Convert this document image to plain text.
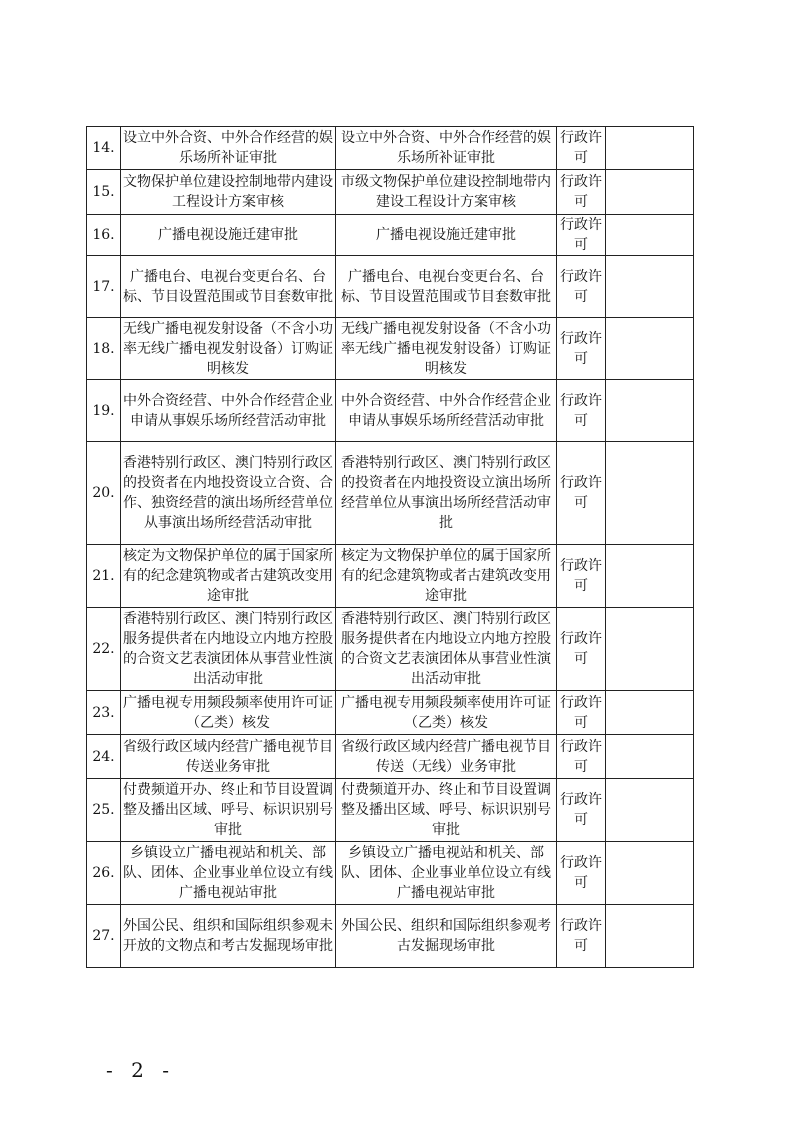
14.	设立中外合资、中外合作经营的娱乐场所补证审批	设立中外合资、中外合作经营的娱乐场所补证审批	行政许可	
15.	文物保护单位建设控制地带内建设工程设计方案审核	市级文物保护单位建设控制地带内建设工程设计方案审核	行政许可	
16.	广播电视设施迁建审批	广播电视设施迁建审批	行政许可	
17.	广播电台、电视台变更台名、台标、节目设置范围或节目套数审批	广播电台、电视台变更台名、台标、节目设置范围或节目套数审批	行政许可	
18.	无线广播电视发射设备（不含小功率无线广播电视发射设备）订购证明核发	无线广播电视发射设备（不含小功率无线广播电视发射设备）订购证明核发	行政许可	
19.	中外合资经营、中外合作经营企业申请从事娱乐场所经营活动审批	中外合资经营、中外合作经营企业申请从事娱乐场所经营活动审批	行政许可	
20.	香港特别行政区、澳门特别行政区的投资者在内地投资设立合资、合作、独资经营的演出场所经营单位从事演出场所经营活动审批	香港特别行政区、澳门特别行政区的投资者在内地投资设立演出场所经营单位从事演出场所经营活动审批	行政许可	
21.	核定为文物保护单位的属于国家所有的纪念建筑物或者古建筑改变用途审批	核定为文物保护单位的属于国家所有的纪念建筑物或者古建筑改变用途审批	行政许可	
22.	香港特别行政区、澳门特别行政区服务提供者在内地设立内地方控股的合资文艺表演团体从事营业性演出活动审批	香港特别行政区、澳门特别行政区服务提供者在内地设立内地方控股的合资文艺表演团体从事营业性演出活动审批	行政许可	
23.	广播电视专用频段频率使用许可证（乙类）核发	广播电视专用频段频率使用许可证（乙类）核发	行政许可	
24.	省级行政区域内经营广播电视节目传送业务审批	省级行政区域内经营广播电视节目传送（无线）业务审批	行政许可	
25.	付费频道开办、终止和节目设置调整及播出区域、呼号、标识识别号审批	付费频道开办、终止和节目设置调整及播出区域、呼号、标识识别号审批	行政许可	
26.	乡镇设立广播电视站和机关、部队、团体、企业事业单位设立有线广播电视站审批	乡镇设立广播电视站和机关、部队、团体、企业事业单位设立有线广播电视站审批	行政许可	
27.	外国公民、组织和国际组织参观未开放的文物点和考古发掘现场审批	外国公民、组织和国际组织参观考古发掘现场审批	行政许可	
- 2 -
